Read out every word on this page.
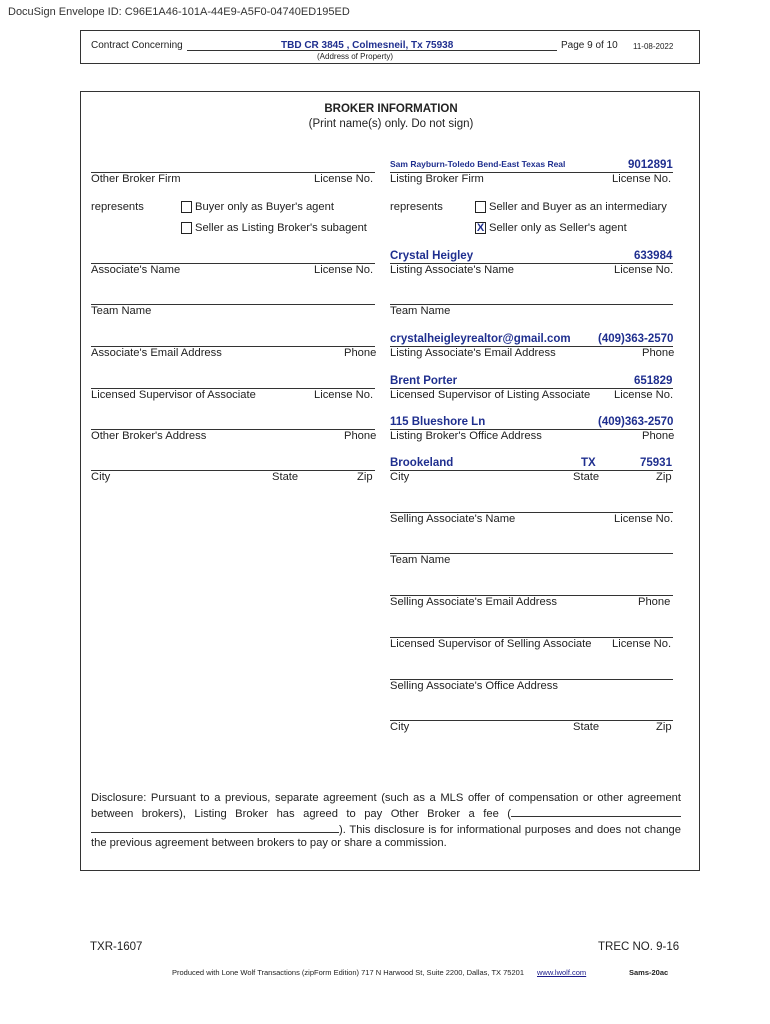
DocuSign Envelope ID: C96E1A46-101A-44E9-A5F0-04740ED195ED
Contract Concerning	TBD CR 3845 , Colmesneil, Tx 75938
(Address of Property)
Page 9 of 10 11-08-2022
BROKER INFORMATION
(Print name(s) only. Do not sign)
Other Broker Firm	License No.
represents	Buyer only as Buyer's agent
Seller as Listing Broker's subagent
Associate's Name	License No.
Team Name
Associate's Email Address	Phone
Licensed Supervisor of Associate	License No.
Other Broker's Address	Phone
City	State	Zip
Sam Rayburn-Toledo Bend-East Texas Real	9012891
Listing Broker Firm	License No.
represents	Seller and Buyer as an intermediary
X Seller only as Seller's agent
Crystal Heigley	633984
Listing Associate's Name	License No.
Team Name
crystalheigleyrealtor@gmail.com (409)363-2570
Listing Associate's Email Address	Phone
Brent Porter	651829
Licensed Supervisor of Listing Associate License No.
115 Blueshore Ln	(409)363-2570
Listing Broker's Office Address	Phone
Brookeland	TX	75931
City	State	Zip
Selling Associate's Name	License No.
Team Name
Selling Associate's Email Address	Phone
Licensed Supervisor of Selling Associate License No.
Selling Associate's Office Address
City	State	Zip
Disclosure: Pursuant to a previous, separate agreement (such as a MLS offer of compensation or other agreement between brokers), Listing Broker has agreed to pay Other Broker a fee (). This disclosure is for informational purposes and does not change the previous agreement between brokers to pay or share a commission.
TXR-1607	TREC NO. 9-16
Produced with Lone Wolf Transactions (zipForm Edition) 717 N Harwood St, Suite 2200, Dallas, TX 75201 www.lwolf.com	Sams-20ac
